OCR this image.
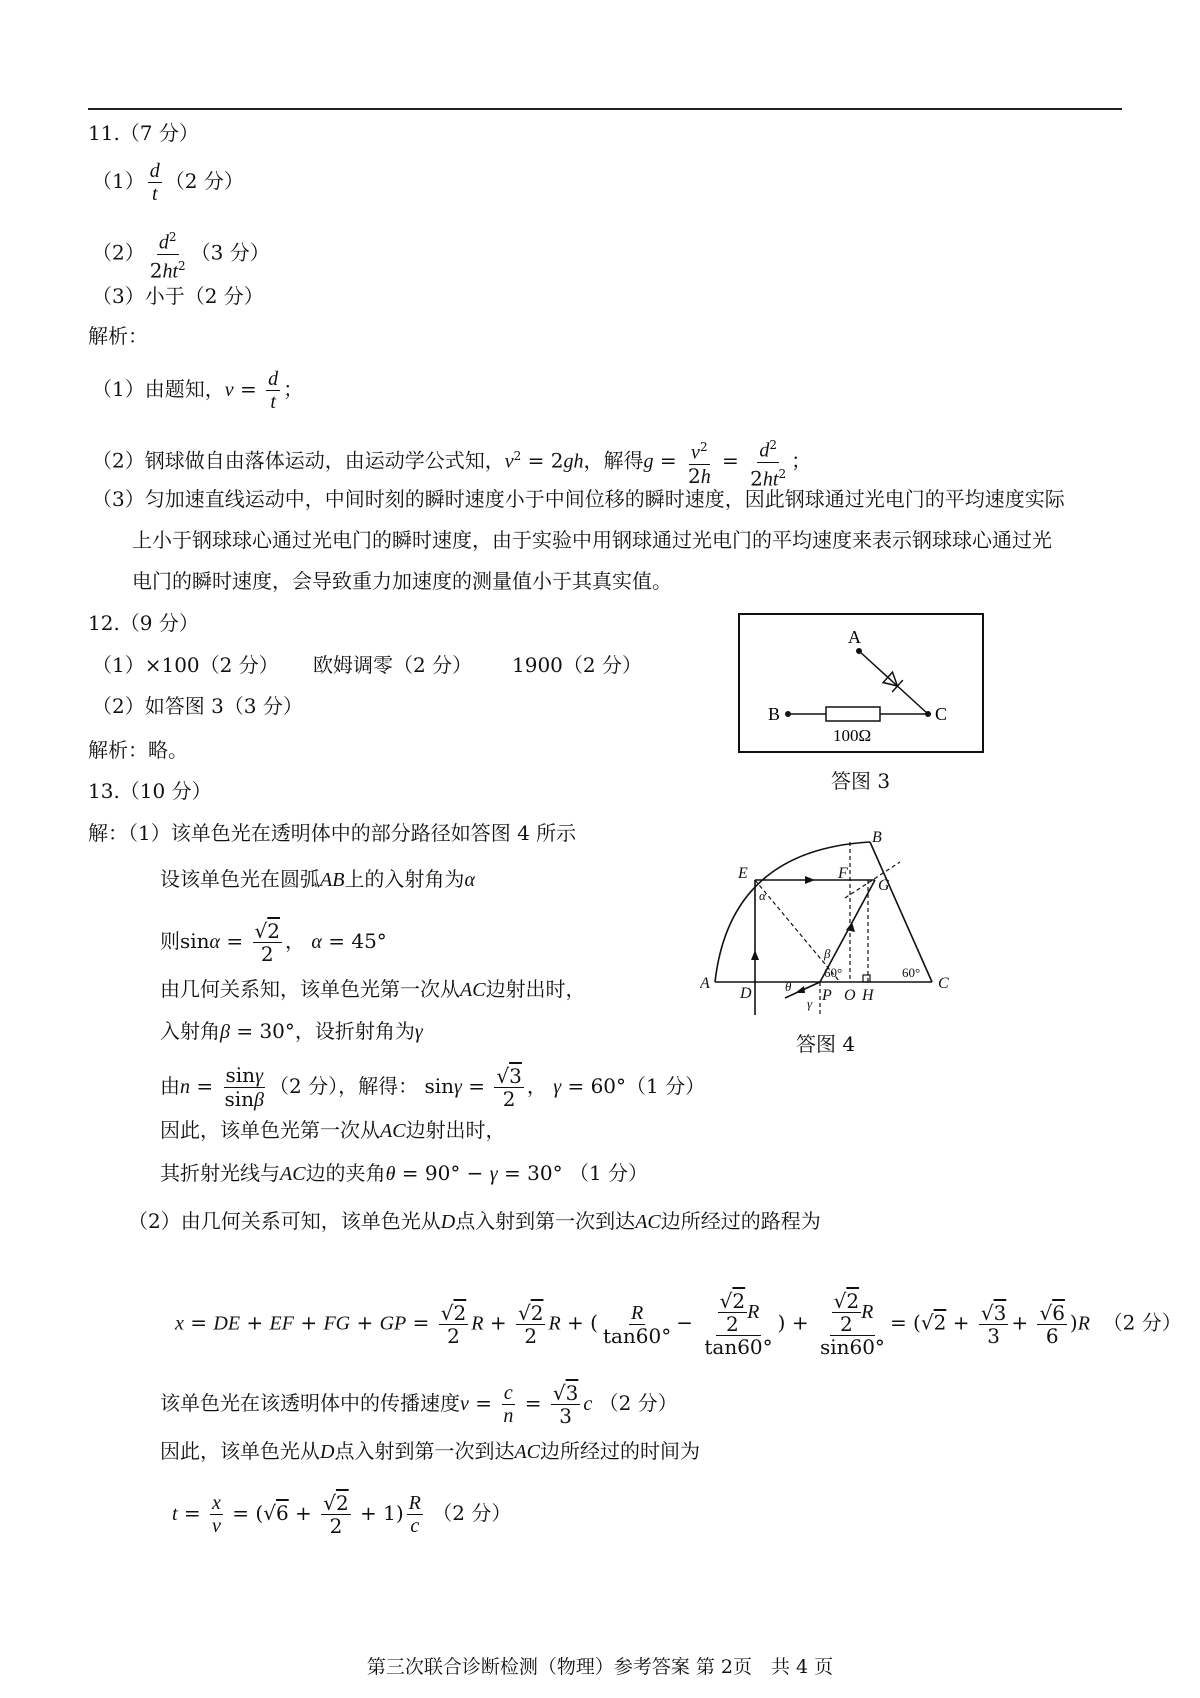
11.（7 分）
$(1) \frac{d}{t} (2$ 分）
$(2) \frac{d^2}{2ht^2} (3$ 分）
（3）小于（2 分）
解析：
（1）由题知，$v = \frac{d}{t}$ ；
（2）钢球做自由落体运动，由运动学公式知，$v^2 = 2gh$，解得$g = \frac{v^2}{2h} = \frac{d^2}{2ht^2}$ ；
（3）匀加速直线运动中，中间时刻的瞬时速度小于中间位移的瞬时速度，因此钢球通过光电门的平均速度实际
上小于钢球球心通过光电门的瞬时速度，由于实验中用钢球通过光电门的平均速度来表示钢球球心通过光
电门的瞬时速度，会导致重力加速度的测量值小于其真实值。
12.（9 分）
（1）×100（2 分） 欧姆调零（2 分） 1900（2 分）
（2）如答图 3（3 分）
解析：略。
A
B	C
100Ω
答图 3
13.（10 分）
解：（1）该单色光在透明体中的部分路径如答图 4 所示
设该单色光在圆弧AB上的入射角为α
则$\sin\alpha = \frac{√2}{2}$ ， α = 45°
由几何关系知，该单色光第一次从AC边射出时，
入射角β = 30°，设折射角为γ
由$n = \frac{\sin\gamma}{\sin\beta} (2$ 分），解得： $\sin\gamma = \frac{√3}{2}$ ， γ = 60°（1 分）
因此，该单色光第一次从AC边射出时，
其折射光线与AC边的夹角θ = 90° − γ = 30° （1 分）
（2）由几何关系可知，该单色光从D点入射到第一次到达AC边所经过的路程为
x = DE + EF + FG + GP = $\frac{√2}{2}$ $R + \frac{√2}{2}$ R + ( $\frac{R}{\tan 60^\circ} - \frac{\frac{√2}{2} R}{\tan 60^\circ}$ ) + $\frac{\frac{√2}{2} R}{\sin 60^\circ} = (√2 + \frac{√3}{3} + \frac{√6}{6} )R$ （2 分）
该单色光在该透明体中的传播速度$v = \frac{c}{n} = \frac{√3}{3}$ c （2 分）
因此，该单色光从D点入射到第一次到达AC边所经过的时间为
$t = \frac{x}{v} = (√6 + \frac{√2}{2} + 1) \frac{R}{c} (2$ 分）
A
B
C
D
E	F
G
H
O
P
α
β
θ
γ
60°	60°
答图 4
第三次联合诊断检测（物理）参考答案 第 2页　共 4 页
